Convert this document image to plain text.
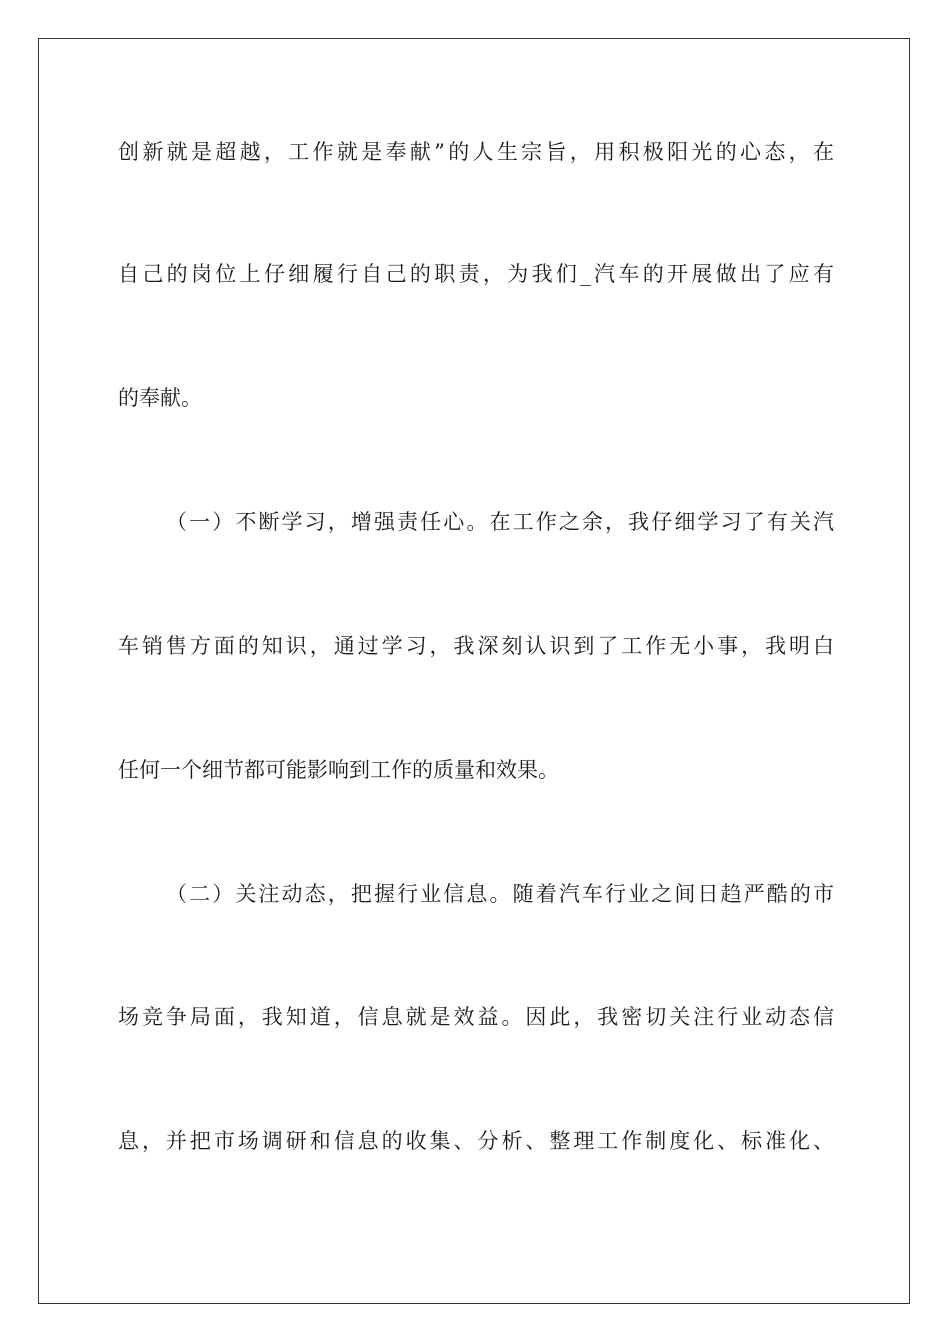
创新就是超越，工作就是奉献”的人生宗旨，用积极阳光的心态，在
自己的岗位上仔细履行自己的职责，为我们_汽车的开展做出了应有
的奉献。
（一）不断学习，增强责任心。在工作之余，我仔细学习了有关汽
车销售方面的知识，通过学习，我深刻认识到了工作无小事，我明白
任何一个细节都可能影响到工作的质量和效果。
（二）关注动态，把握行业信息。随着汽车行业之间日趋严酷的市
场竞争局面，我知道，信息就是效益。因此，我密切关注行业动态信
息，并把市场调研和信息的收集、分析、整理工作制度化、标准化、
